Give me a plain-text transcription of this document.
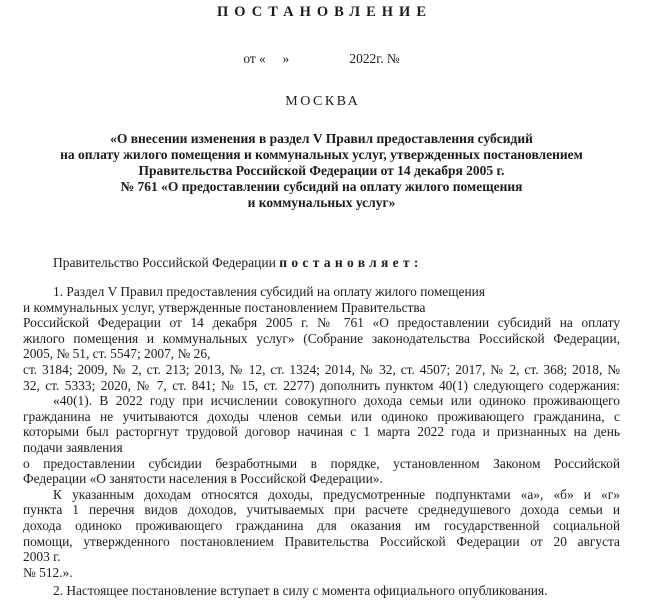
ПОСТАНОВЛЕНИЕ
от «     »                  2022г. №
МОСКВА
«О внесении изменения в раздел V Правил предоставления субсидий
на оплату жилого помещения и коммунальных услуг, утвержденных постановлением
Правительства Российской Федерации от 14 декабря 2005 г.
№ 761 «О предоставлении субсидий на оплату жилого помещения
и коммунальных услуг»
Правительство Российской Федерации постановляет:
1. Раздел V Правил предоставления субсидий на оплату жилого помещения
и коммунальных услуг, утвержденные постановлением Правительства
Российской Федерации от 14 декабря 2005 г. № 761 «О предоставлении субсидий на оплату
жилого помещения и коммунальных услуг» (Собрание законодательства Российской Федерации,
2005, № 51, ст. 5547; 2007, № 26,
ст. 3184; 2009, № 2, ст. 213; 2013, № 12, ст. 1324; 2014, № 32, ст. 4507; 2017, № 2, ст. 368; 2018, №
32, ст. 5333; 2020, № 7, ст. 841; № 15, ст. 2277) дополнить пунктом 40(1) следующего содержания:
«40(1). В 2022 году при исчислении совокупного дохода семьи или одиноко проживающего
гражданина не учитываются доходы членов семьи или одиноко проживающего гражданина, с
которыми был расторгнут трудовой договор начиная с 1 марта 2022 года и признанных на день
подачи заявления
о предоставлении субсидии безработными в порядке, установленном Законом Российской
Федерации «О занятости населения в Российской Федерации».
К указанным доходам относятся доходы, предусмотренные подпунктами «а», «б» и «г»
пункта 1 перечня видов доходов, учитываемых при расчете среднедушевого дохода семьи и
дохода одиноко проживающего гражданина для оказания им государственной социальной
помощи, утвержденного постановлением Правительства Российской Федерации от 20 августа
2003 г.
№ 512.».
2. Настоящее постановление вступает в силу с момента официального опубликования.
